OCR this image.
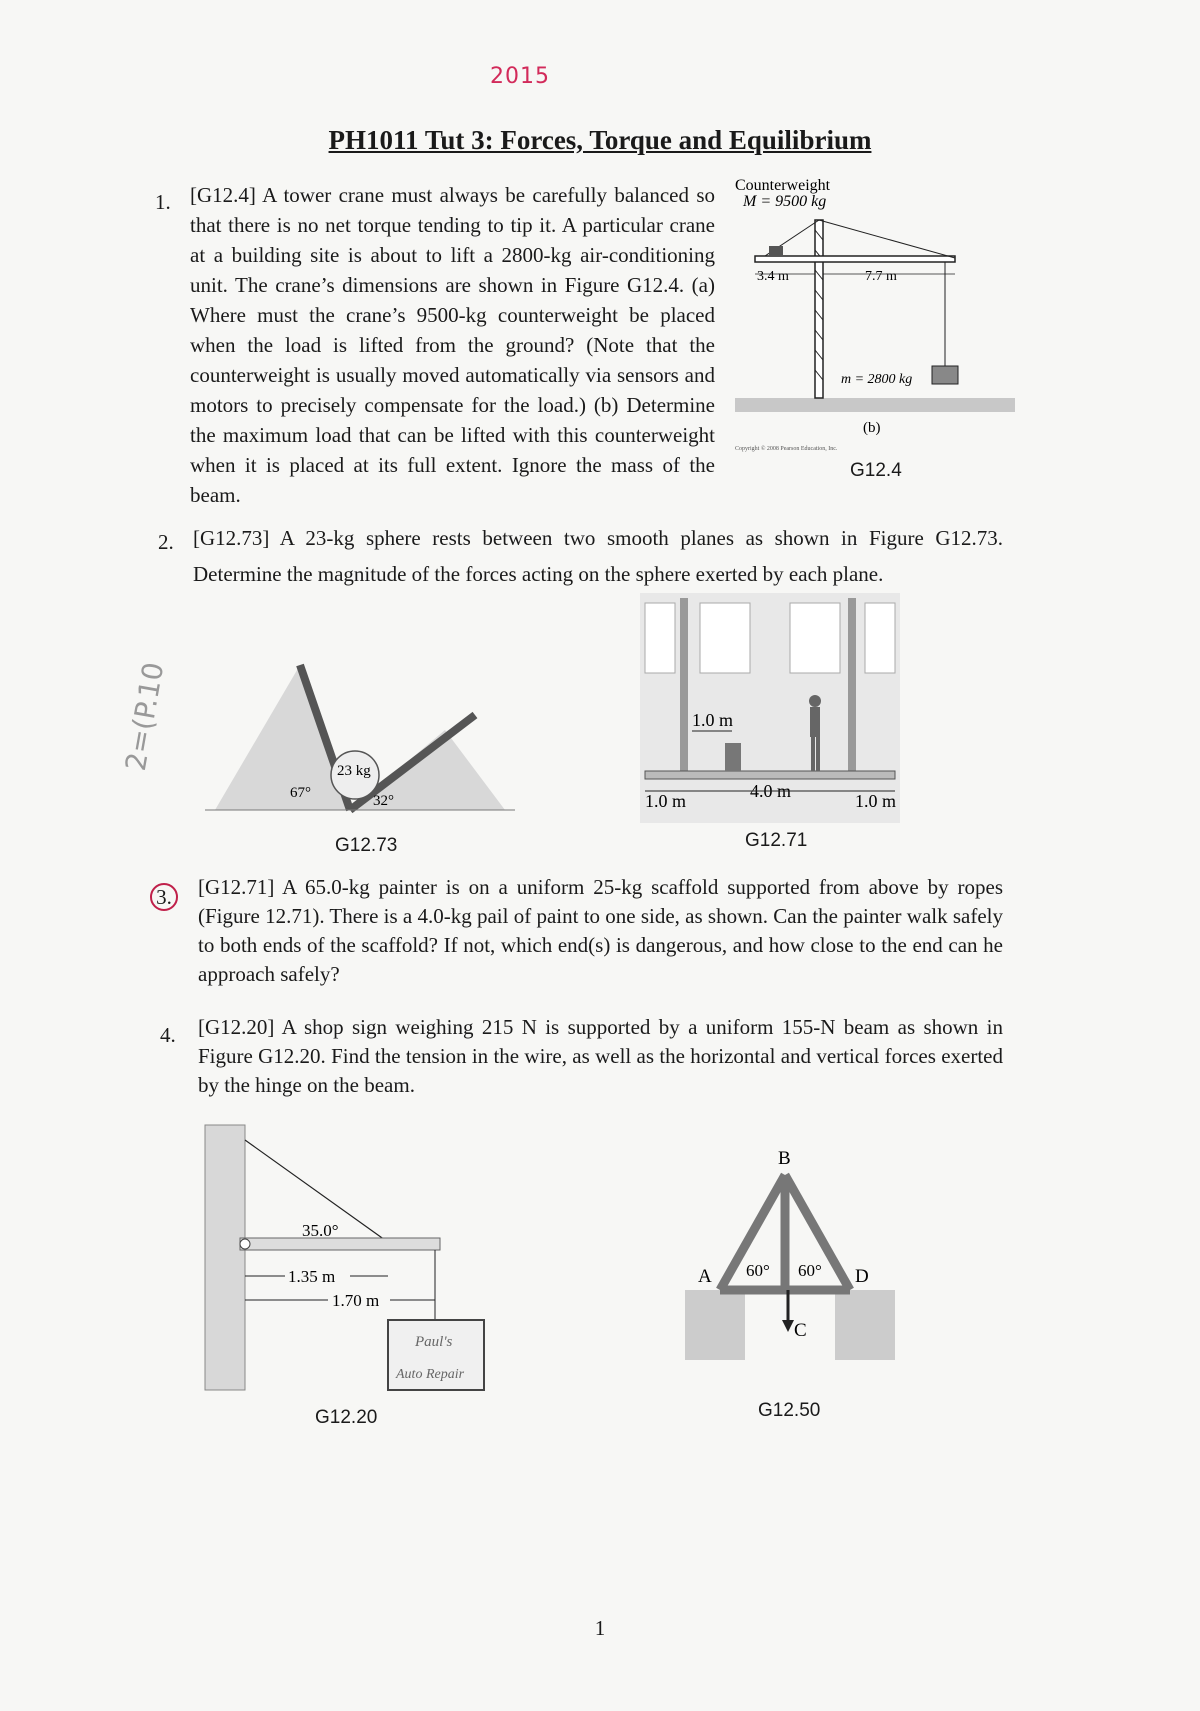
2015
PH1011 Tut 3: Forces, Torque and Equilibrium
1. [G12.4] A tower crane must always be carefully balanced so that there is no net torque tending to tip it. A particular crane at a building site is about to lift a 2800-kg air-conditioning unit. The crane’s dimensions are shown in Figure G12.4. (a) Where must the crane’s 9500-kg counterweight be placed when the load is lifted from the ground? (Note that the counterweight is usually moved automatically via sensors and motors to precisely compensate for the load.) (b) Determine the maximum load that can be lifted with this counterweight when it is placed at its full extent. Ignore the mass of the beam.
Counterweight
M = 9500 kg
3.4 m	7.7 m
m = 2800 kg
(b)
Copyright © 2008 Pearson Education, Inc.
G12.4
2. [G12.73] A 23-kg sphere rests between two smooth planes as shown in Figure G12.73. Determine the magnitude of the forces acting on the sphere exerted by each plane.
23 kg
67°	32°
G12.73
1.0 m
1.0 m	4.0 m	1.0 m
G12.71
2=(P.10
3. [G12.71] A 65.0-kg painter is on a uniform 25-kg scaffold supported from above by ropes (Figure 12.71). There is a 4.0-kg pail of paint to one side, as shown. Can the painter walk safely to both ends of the scaffold? If not, which end(s) is dangerous, and how close to the end can he approach safely?
4. [G12.20] A shop sign weighing 215 N is supported by a uniform 155-N beam as shown in Figure G12.20. Find the tension in the wire, as well as the horizontal and vertical forces exerted by the hinge on the beam.
35.0°
1.35 m
1.70 m
Paul's
Auto Repair
G12.20
B
A	D
C
60° 60°
G12.50
1
